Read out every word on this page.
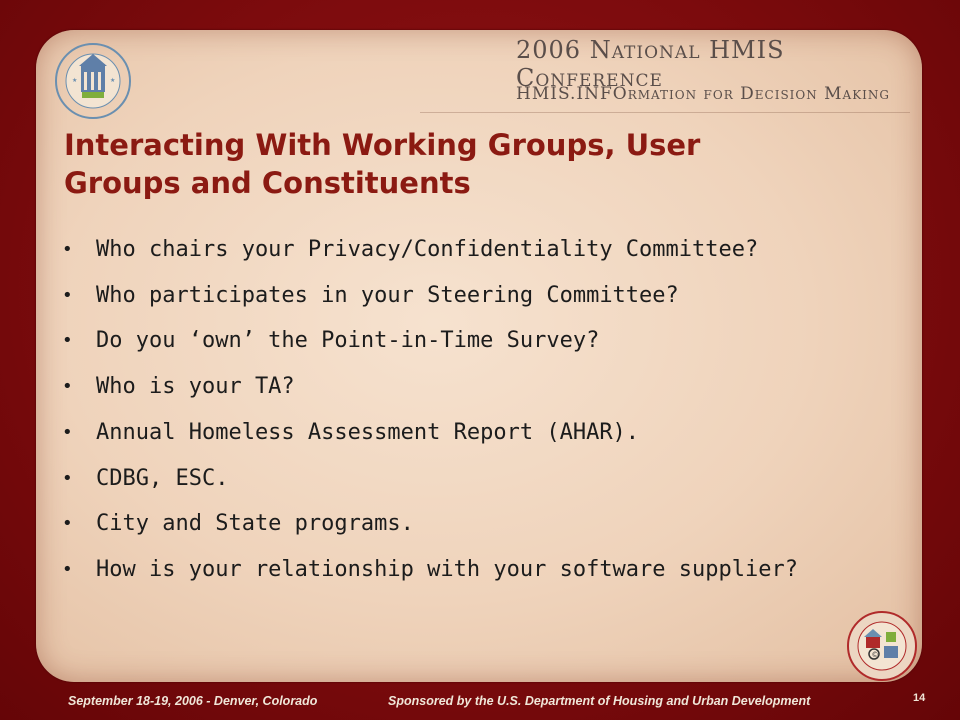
2006 National HMIS Conference
HMIS.INFOrmation for Decision Making
★	★
Interacting With Working Groups, User Groups and Constituents
• Who chairs your Privacy/Confidentiality Committee?
• Who participates in your Steering Committee?
• Do you ‘own’ the Point-in-Time Survey?
• Who is your TA?
• Annual Homeless Assessment Report (AHAR).
• CDBG, ESC.
• City and State programs.
• How is your relationship with your software supplier?
©
September 18-19, 2006 - Denver, Colorado	Sponsored by the U.S. Department of Housing and Urban Development	14
